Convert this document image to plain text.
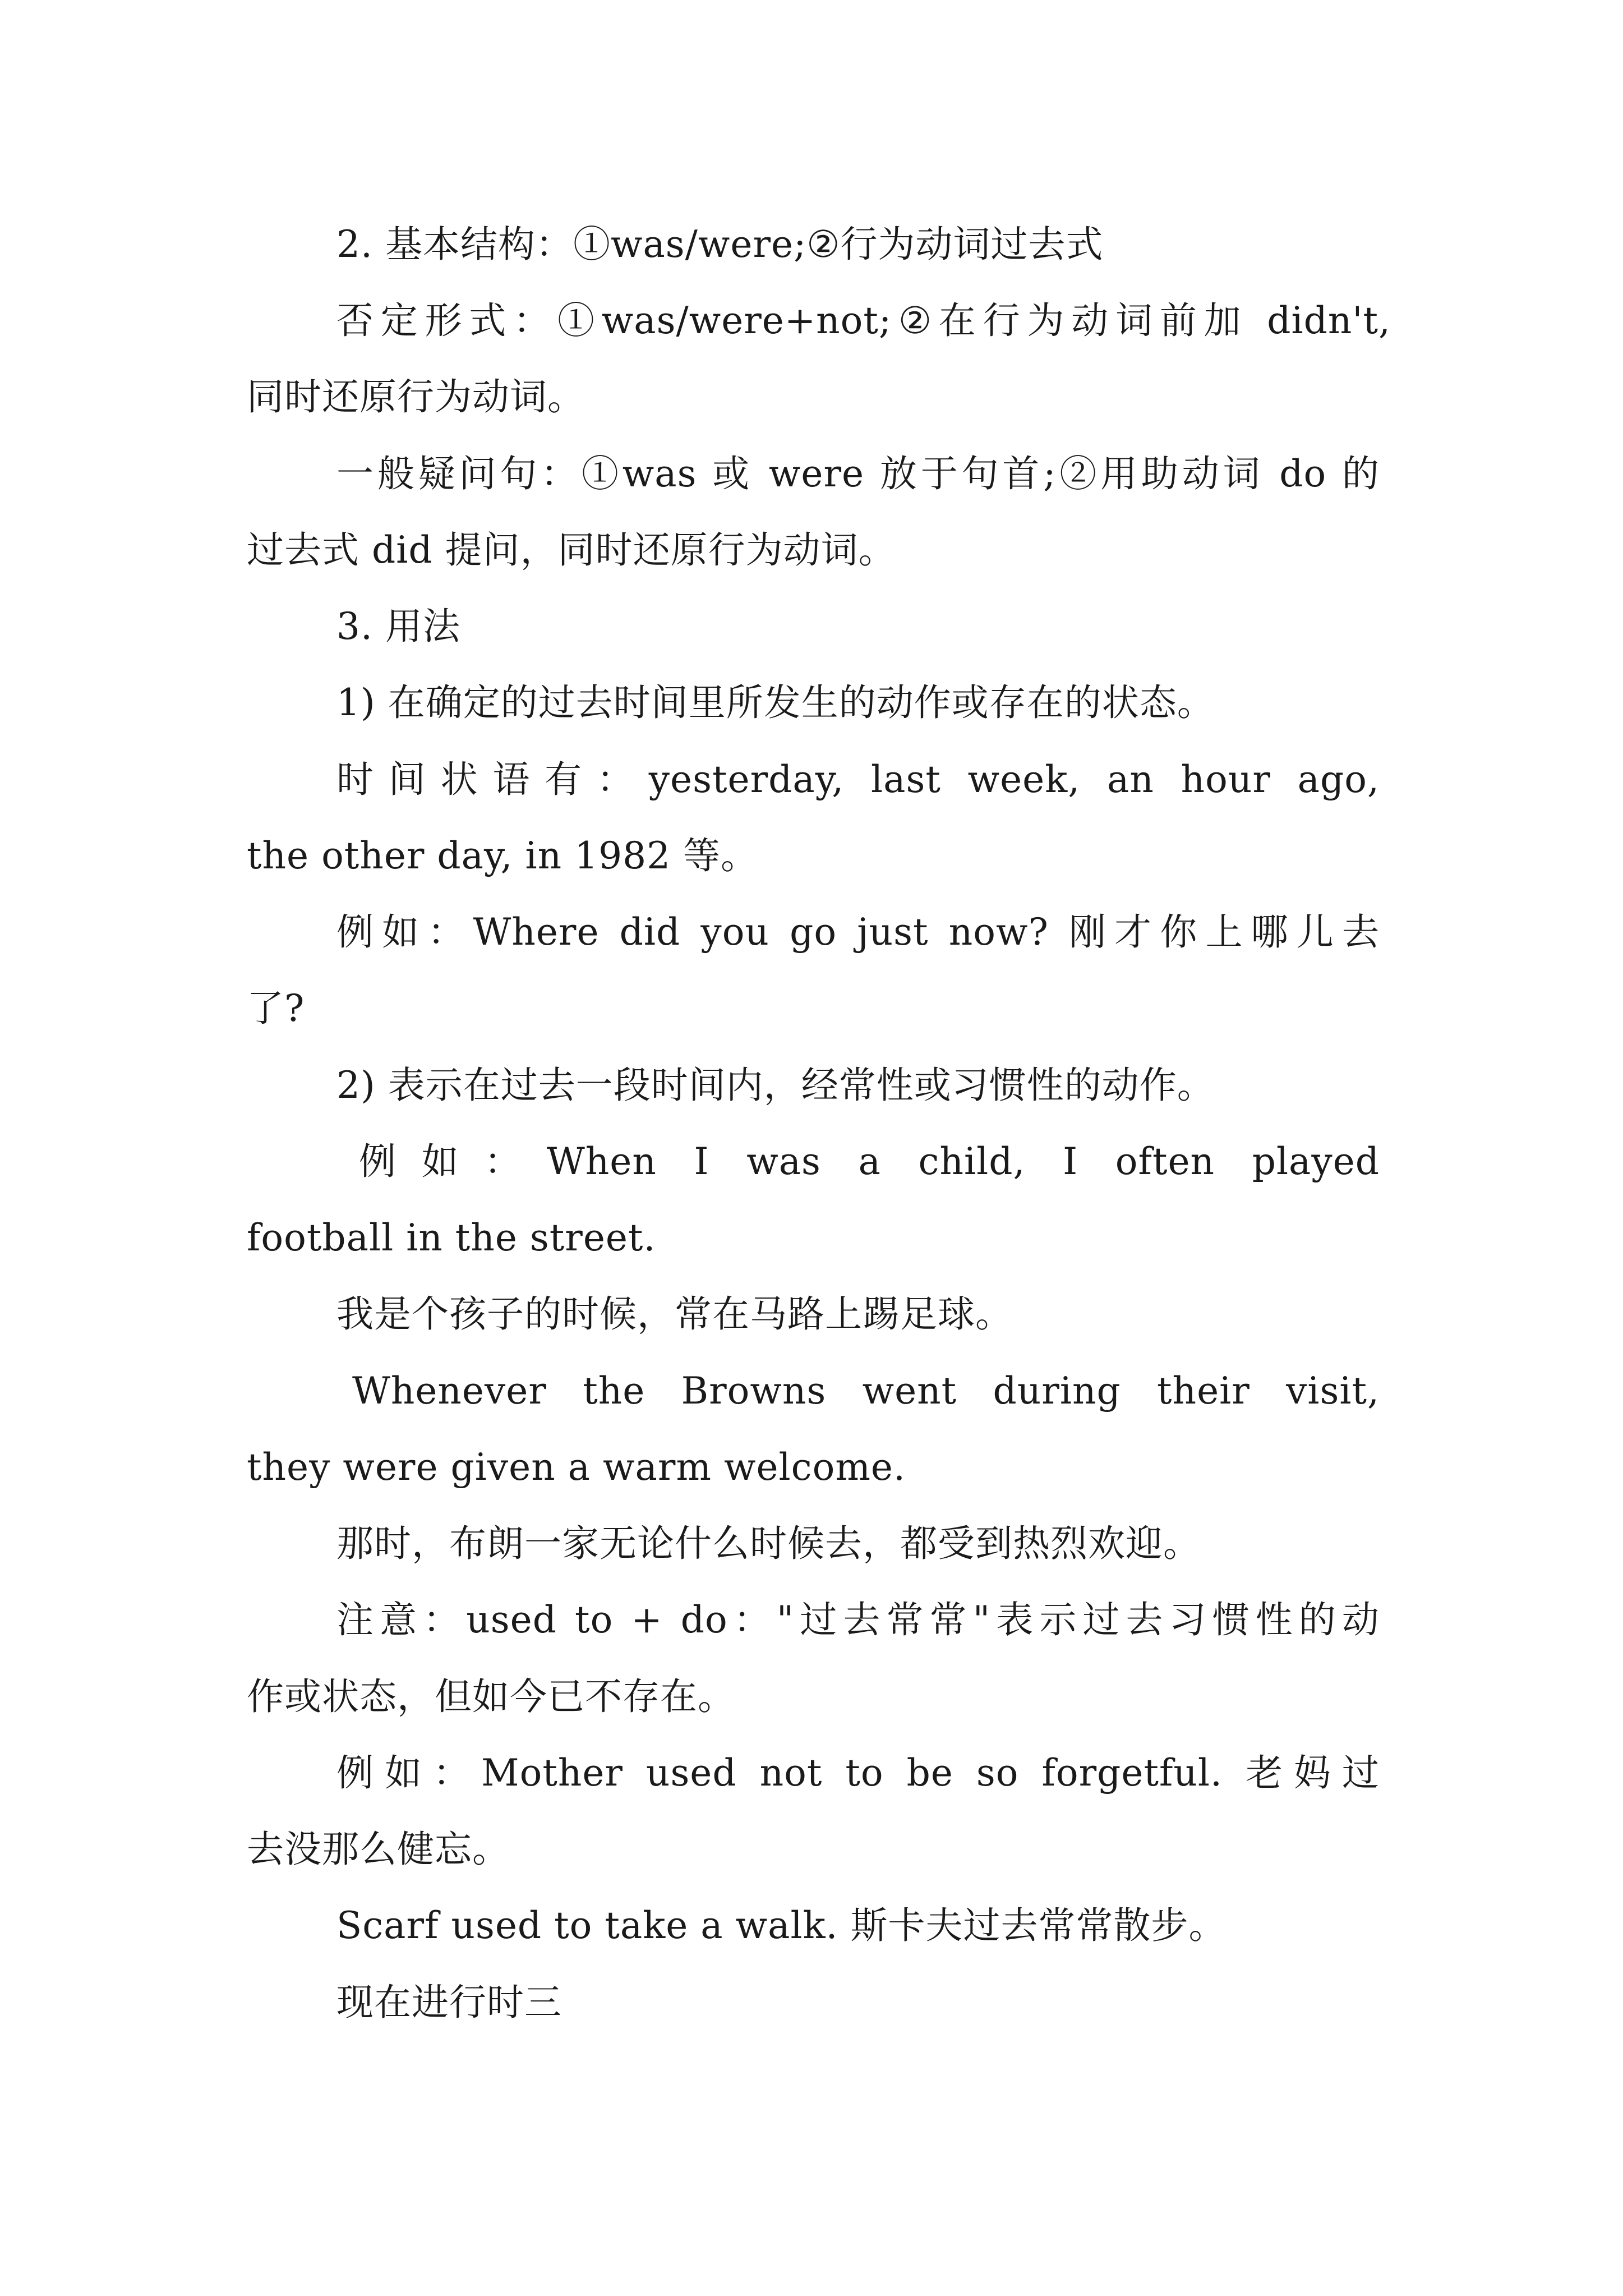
2. 基本结构：①was/were;②行为动词过去式
否定形式：①was/were+not;②在行为动词前加 didn't,
同时还原行为动词。
一般疑问句：①was 或 were 放于句首;②用助动词 do 的
过去式 did 提问，同时还原行为动词。
3. 用法
1) 在确定的过去时间里所发生的动作或存在的状态。
时间状语有：yesterday, last week, an hour ago,
the other day, in 1982 等。
例如：Where did you go just now? 刚才你上哪儿去
了?
2) 表示在过去一段时间内，经常性或习惯性的动作。
例如：When I was a child, I often played
football in the street.
我是个孩子的时候，常在马路上踢足球。
Whenever the Browns went during their visit,
they were given a warm welcome.
那时，布朗一家无论什么时候去，都受到热烈欢迎。
注意：used to + do："过去常常"表示过去习惯性的动
作或状态，但如今已不存在。
例如：Mother used not to be so forgetful. 老妈过
去没那么健忘。
Scarf used to take a walk. 斯卡夫过去常常散步。
现在进行时三
